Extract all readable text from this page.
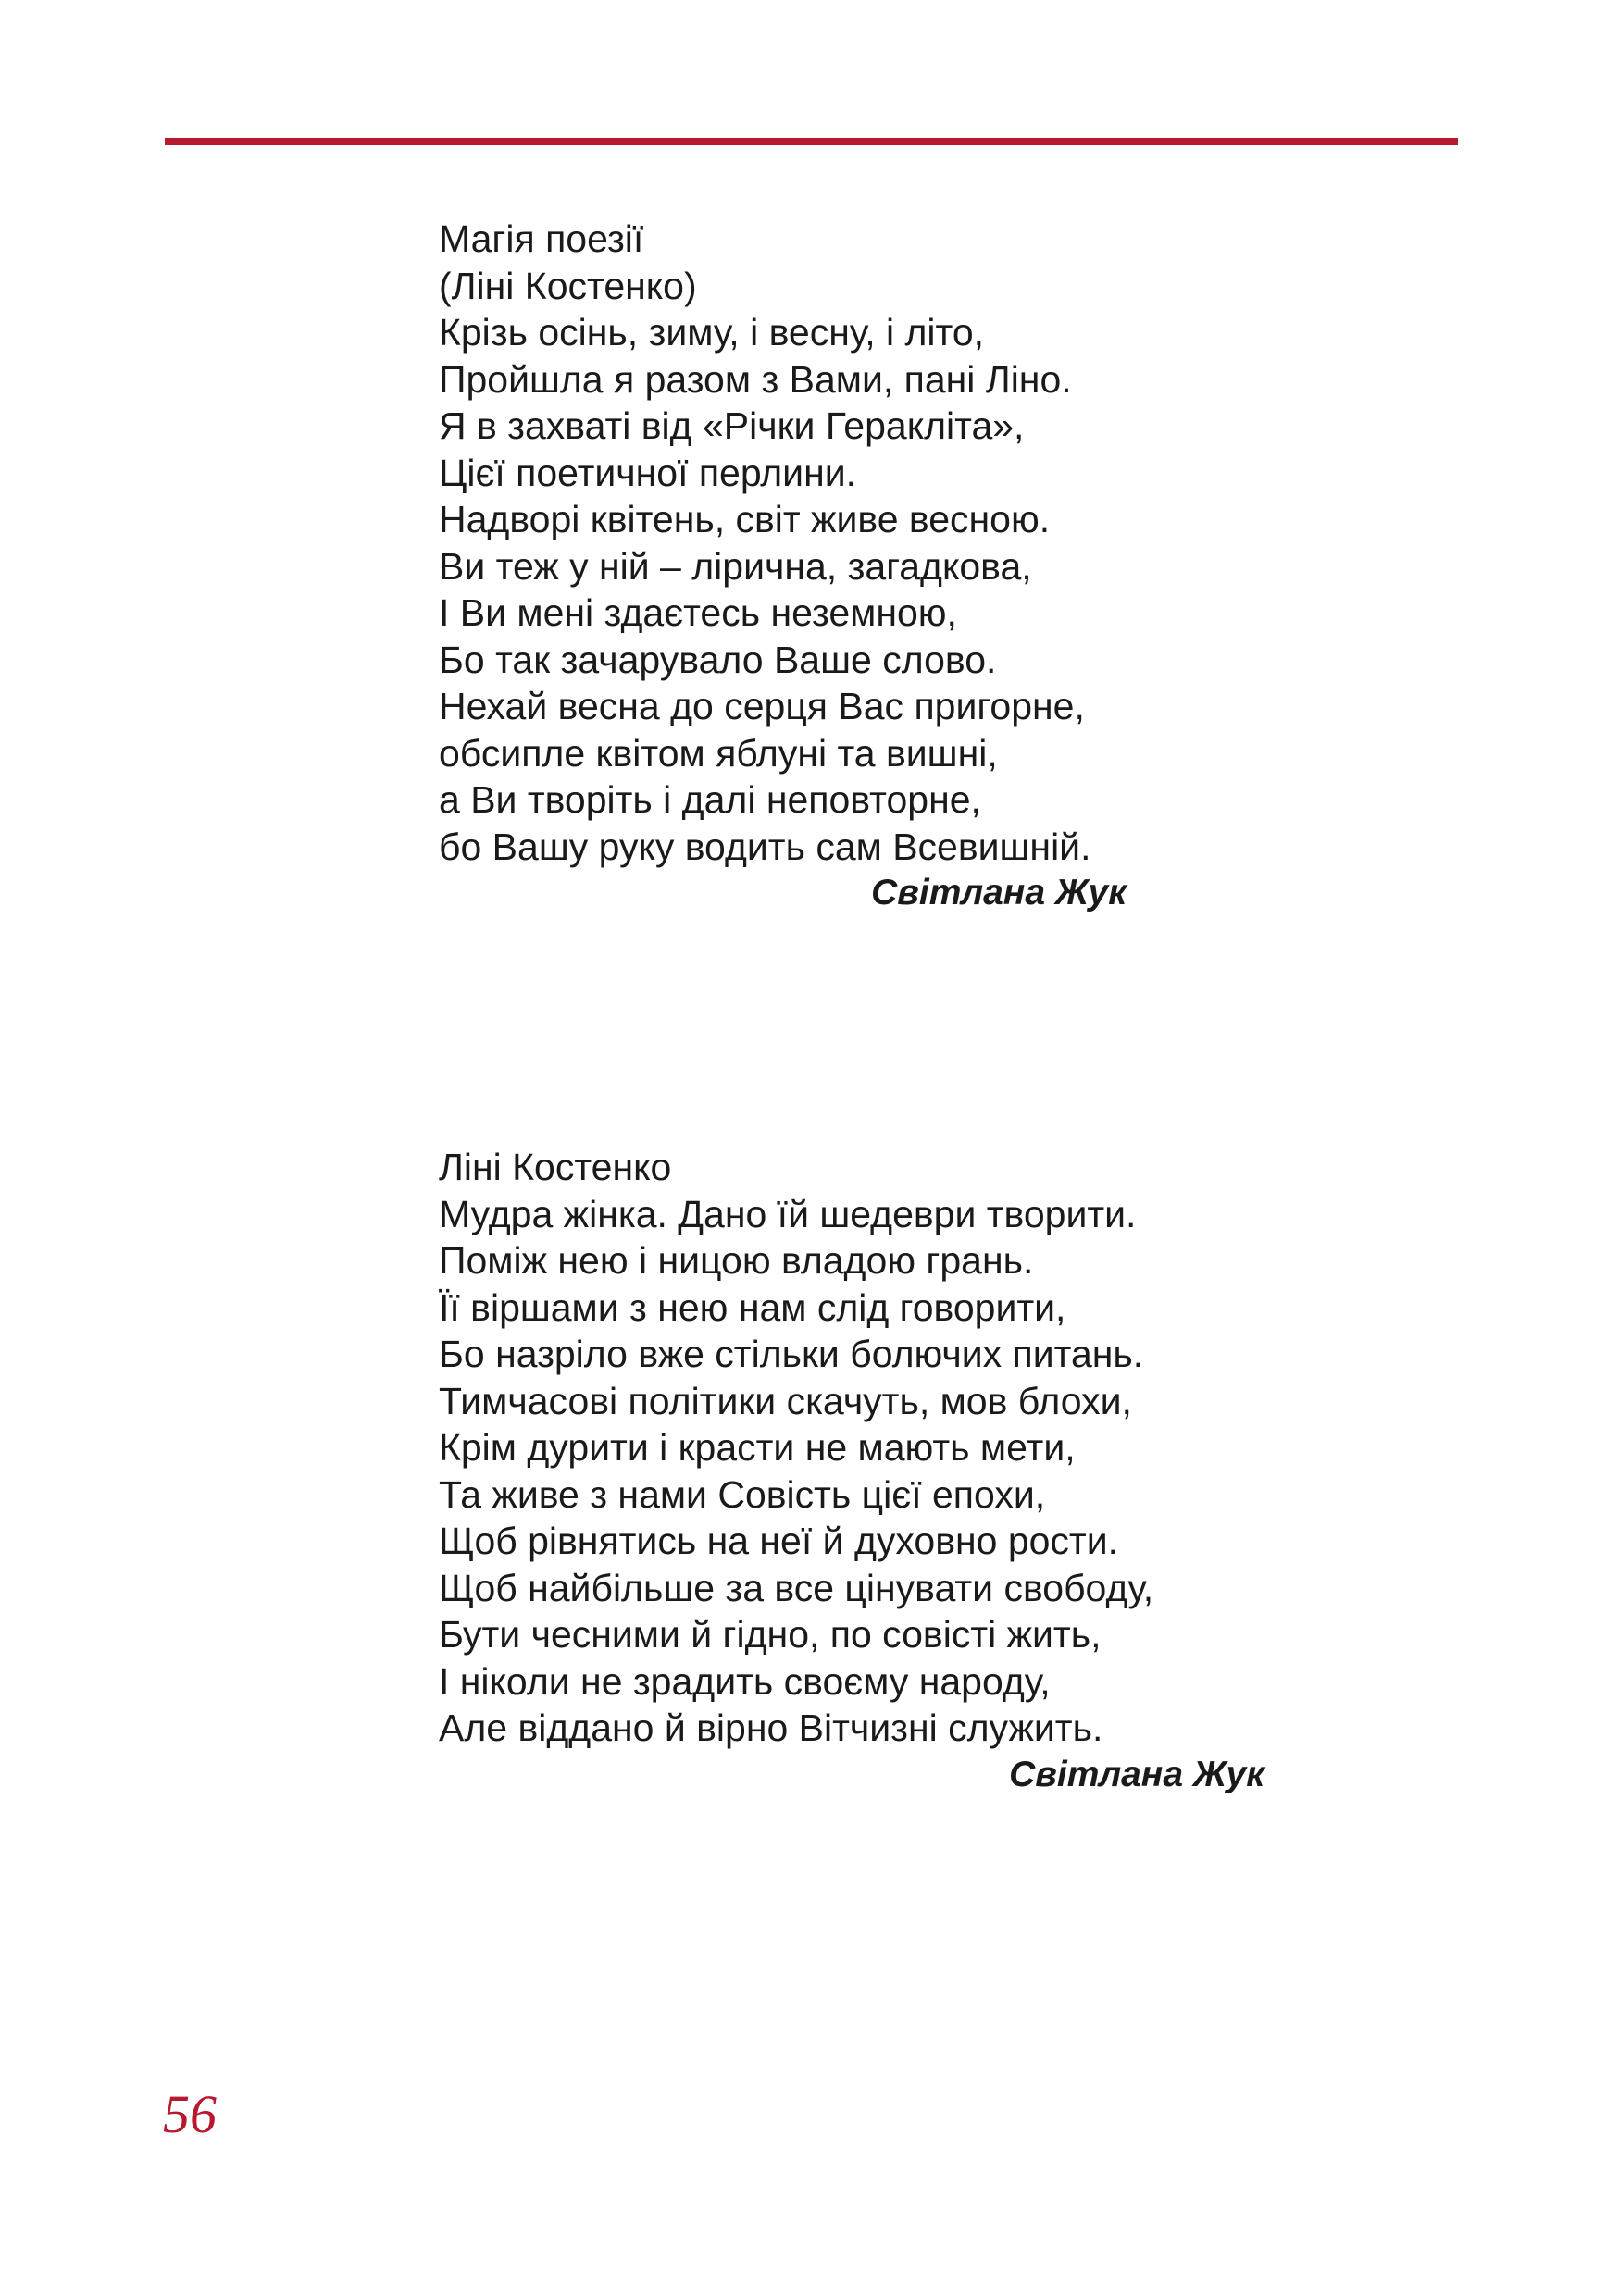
Магія поезії
(Ліні Костенко)
Крізь осінь, зиму, і весну, і літо,
Пройшла я разом з Вами, пані Ліно.
Я в захваті від «Річки Геракліта»,
Цієї поетичної перлини.
Надворі квітень, світ живе весною.
Ви теж у ній – лірична, загадкова,
І Ви мені здаєтесь неземною,
Бо так зачарувало Ваше слово.
Нехай весна до серця Вас пригорне,
обсипле квітом яблуні та вишні,
а Ви творіть і далі неповторне,
бо Вашу руку водить сам Всевишній.
Світлана Жук
Ліні Костенко
Мудра жінка. Дано їй шедеври творити.
Поміж нею і ницою владою грань.
Її віршами з нею нам слід говорити,
Бо назріло вже стільки болючих питань.
Тимчасові політики скачуть, мов блохи,
Крім дурити і красти не мають мети,
Та живе з нами Совість цієї епохи,
Щоб рівнятись на неї й духовно рости.
Щоб найбільше за все цінувати свободу,
Бути чесними й гідно, по совісті жить,
І ніколи не зрадить своєму народу,
Але віддано й вірно Вітчизні служить.
Світлана Жук
56
